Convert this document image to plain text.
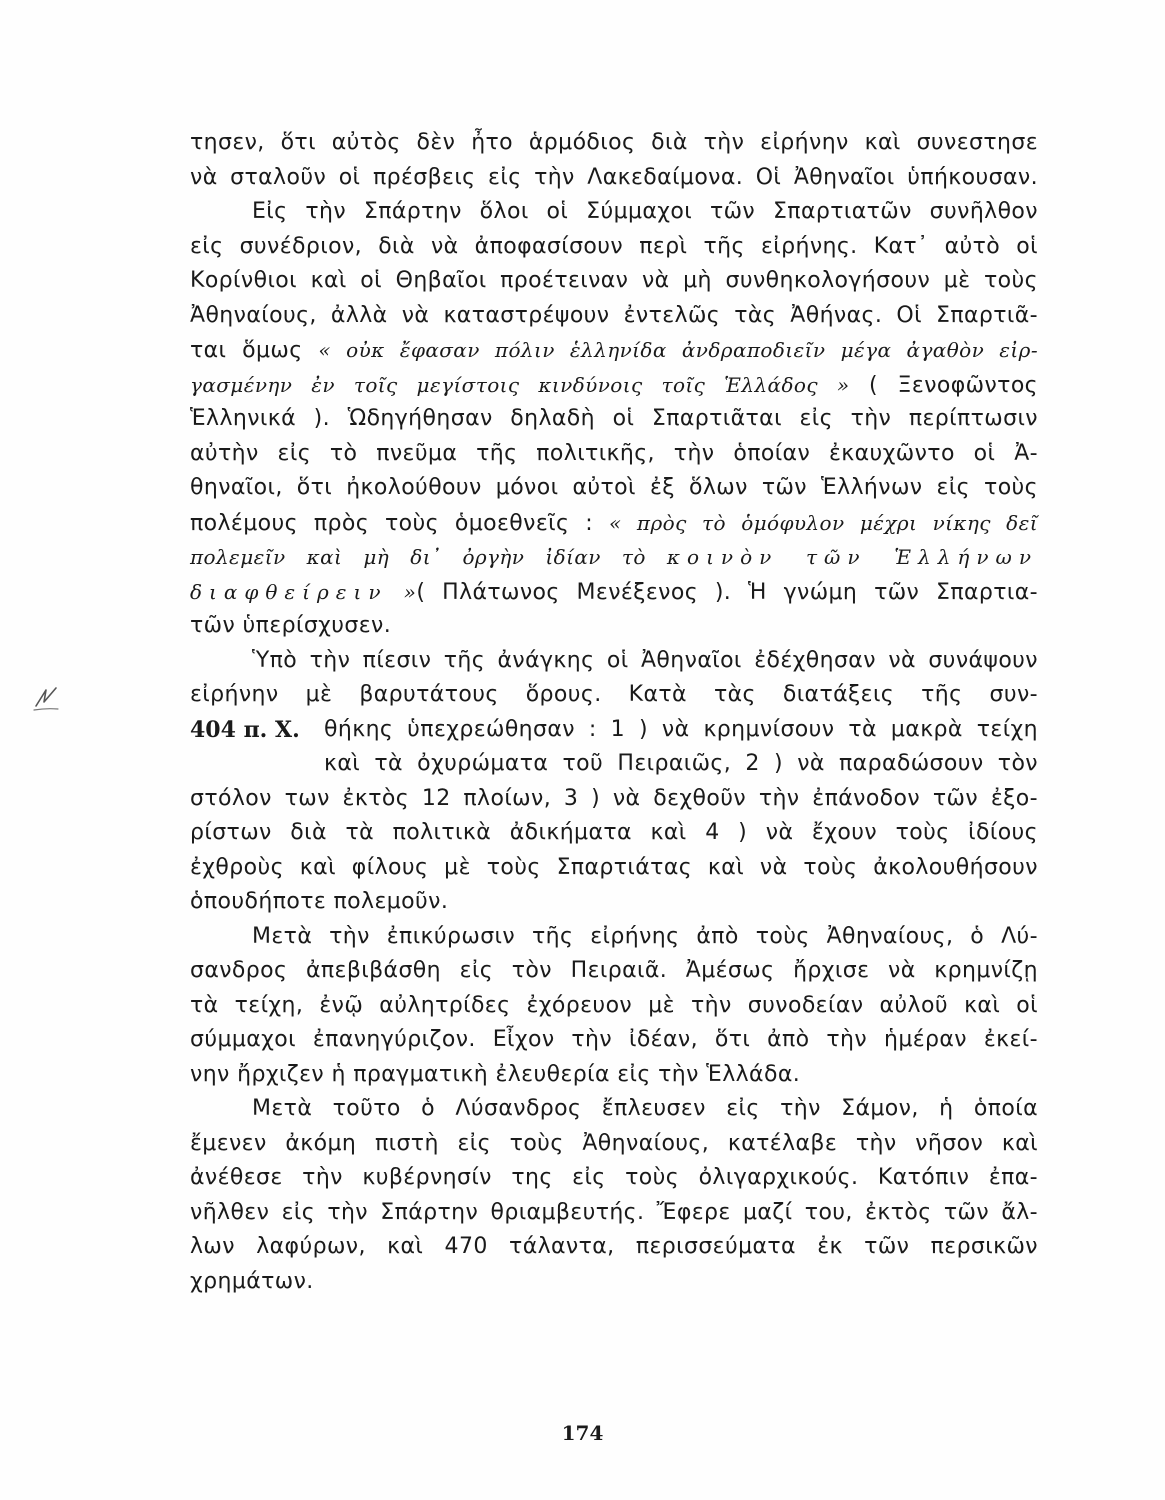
τησεν, ὅτι αὐτὸς δὲν ἦτο ἁρμόδιος διὰ τὴν εἰρήνην καὶ συνεστησε
νὰ σταλοῦν οἱ πρέσβεις εἰς τὴν Λακεδαίμονα. Οἱ Ἀθηναῖοι ὑπήκουσαν.
Εἰς τὴν Σπάρτην ὅλοι οἱ Σύμμαχοι τῶν Σπαρτιατῶν συνῆλθον
εἰς συνέδριον, διὰ νὰ ἀποφασίσουν περὶ τῆς εἰρήνης. Κατ᾽ αὐτὸ οἱ
Κορίνθιοι καὶ οἱ Θηβαῖοι προέτειναν νὰ μὴ συνθηκολογήσουν μὲ τοὺς
Ἀθηναίους, ἀλλὰ νὰ καταστρέψουν ἐντελῶς τὰς Ἀθήνας. Οἱ Σπαρτιᾶ-
ται ὅμως « οὐκ ἔφασαν πόλιν ἑλληνίδα ἀνδραποδιεῖν μέγα ἀγαθὸν εἰρ-
γασμένην ἐν τοῖς μεγίστοις κινδύνοις τοῖς Ἑλλάδος » ( Ξενοφῶντος
Ἑλληνικά ). Ὡδηγήθησαν δηλαδὴ οἱ Σπαρτιᾶται εἰς τὴν περίπτωσιν
αὐτὴν εἰς τὸ πνεῦμα τῆς πολιτικῆς, τὴν ὁποίαν ἐκαυχῶντο οἱ Ἀ-
θηναῖοι, ὅτι ἠκολούθουν μόνοι αὐτοὶ ἐξ ὅλων τῶν Ἑλλήνων εἰς τοὺς
πολέμους πρὸς τοὺς ὁμοεθνεῖς : « πρὸς τὸ ὁμόφυλον μέχρι νίκης δεῖ
πολεμεῖν καὶ μὴ δι᾽ ὀργὴν ἰδίαν τὸ κοινὸν τῶν Ἑλλήνων
διαφθείρειν »( Πλάτωνος Μενέξενος ). Ἡ γνώμη τῶν Σπαρτια-
τῶν ὑπερίσχυσεν.
Ὑπὸ τὴν πίεσιν τῆς ἀνάγκης οἱ Ἀθηναῖοι ἐδέχθησαν νὰ συνάψουν
εἰρήνην μὲ βαρυτάτους ὅρους. Κατὰ τὰς διατάξεις τῆς συν-
θήκης ὑπεχρεώθησαν : 1 ) νὰ κρημνίσουν τὰ μακρὰ τείχη
καὶ τὰ ὀχυρώματα τοῦ Πειραιῶς, 2 ) νὰ παραδώσουν τὸν
στόλον των ἐκτὸς 12 πλοίων, 3 ) νὰ δεχθοῦν τὴν ἐπάνοδον τῶν ἐξο-
ρίστων διὰ τὰ πολιτικὰ ἀδικήματα καὶ 4 ) νὰ ἔχουν τοὺς ἰδίους
ἐχθροὺς καὶ φίλους μὲ τοὺς Σπαρτιάτας καὶ νὰ τοὺς ἀκολουθήσουν
ὁπουδήποτε πολεμοῦν.
Μετὰ τὴν ἐπικύρωσιν τῆς εἰρήνης ἀπὸ τοὺς Ἀθηναίους, ὁ Λύ-
σανδρος ἀπεβιβάσθη εἰς τὸν Πειραιᾶ. Ἀμέσως ἤρχισε νὰ κρημνίζῃ
τὰ τείχη, ἐνῷ αὐλητρίδες ἐχόρευον μὲ τὴν συνοδείαν αὐλοῦ καὶ οἱ
σύμμαχοι ἐπανηγύριζον. Εἶχον τὴν ἰδέαν, ὅτι ἀπὸ τὴν ἡμέραν ἐκεί-
νην ἤρχιζεν ἡ πραγματικὴ ἐλευθερία εἰς τὴν Ἑλλάδα.
Μετὰ τοῦτο ὁ Λύσανδρος ἔπλευσεν εἰς τὴν Σάμον, ἡ ὁποία
ἔμενεν ἀκόμη πιστὴ εἰς τοὺς Ἀθηναίους, κατέλαβε τὴν νῆσον καὶ
ἀνέθεσε τὴν κυβέρνησίν της εἰς τοὺς ὀλιγαρχικούς. Κατόπιν ἐπα-
νῆλθεν εἰς τὴν Σπάρτην θριαμβευτής. Ἔφερε μαζί του, ἐκτὸς τῶν ἄλ-
λων λαφύρων, καὶ 470 τάλαντα, περισσεύματα ἐκ τῶν περσικῶν
χρημάτων.
404 π. Χ.
174
